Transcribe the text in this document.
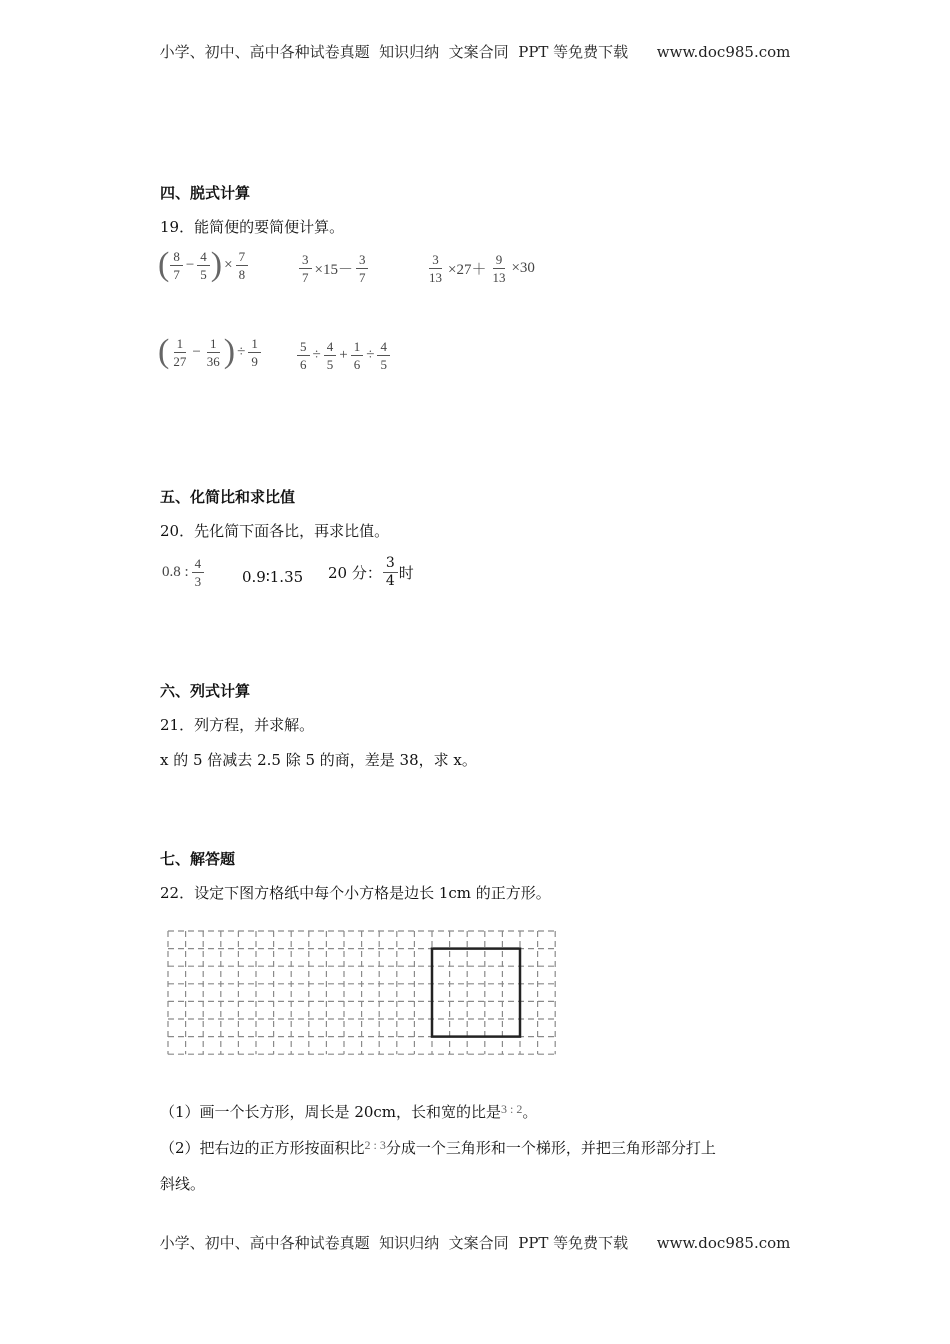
小学、初中、高中各种试卷真题  知识归纳  文案合同  PPT 等免费下载      www.doc985.com
四、脱式计算
19．能简便的要简便计算。
( $\frac{8}{7} - \frac{4}{5}$ ) × $\frac{7}{8}$	$\frac{3}{7} \times 15- \frac{3}{7}$	$\frac{3}{13} \times 27+ \frac{9}{13} \times 30$
( $\frac{1}{27} - \frac{1}{36}$ ) ÷ $\frac{1}{9}$	$\frac{5}{6} \div \frac{4}{5} + \frac{1}{6} \div \frac{4}{5}$
五、化简比和求比值
20．先化简下面各比，再求比值。
0.8 : $\frac{4}{3}$	0.9∶1.35 20 分： $\frac{3}{4}$ 时
六、列式计算
21．列方程，并求解。
x 的 5 倍减去 2.5 除 5 的商，差是 38，求 x。
七、解答题
22．设定下图方格纸中每个小方格是边长 1cm 的正方形。
（1）画一个长方形，周长是 20cm，长和宽的比是$^{3 : 2}$。
（2）把右边的正方形按面积比$^{2 : 3}$分成一个三角形和一个梯形，并把三角形部分打上
斜线。
小学、初中、高中各种试卷真题  知识归纳  文案合同  PPT 等免费下载      www.doc985.com
